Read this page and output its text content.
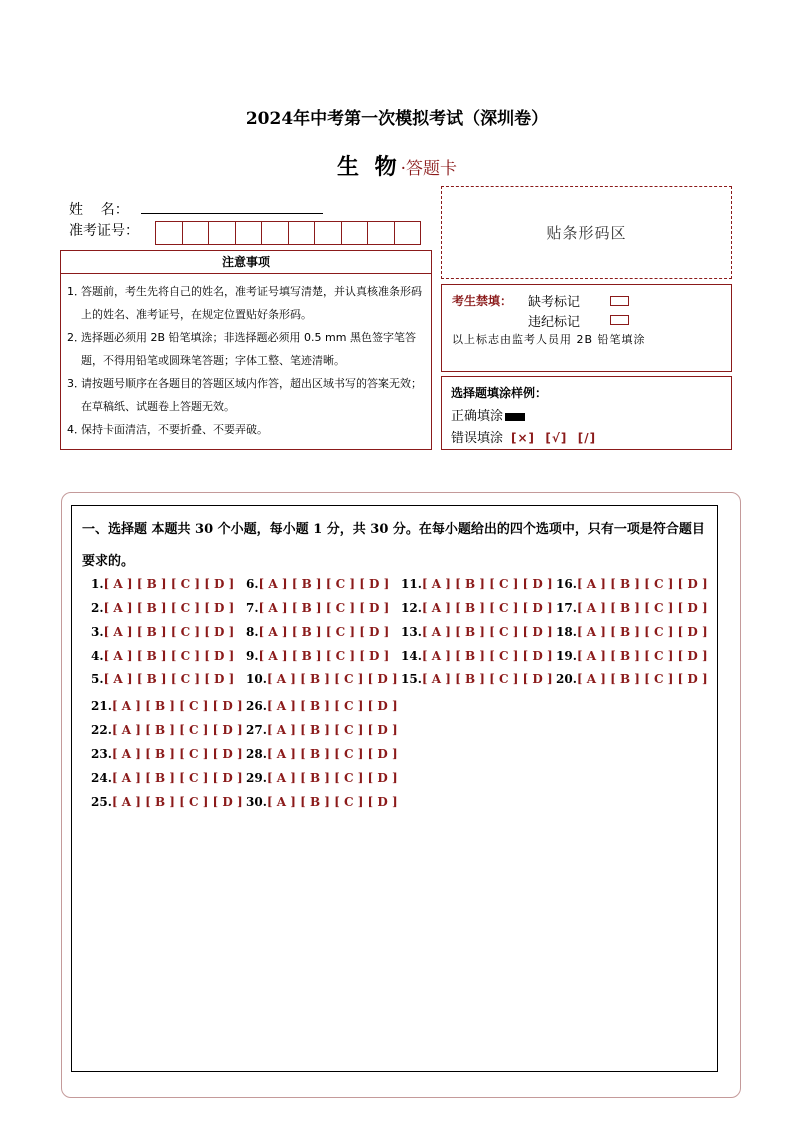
2024年中考第一次模拟考试（深圳卷）
生 物·答题卡
姓    名：
准考证号：
注意事项
1．
答题前，考生先将自己的姓名，准考证号填写清楚，并认真核准条形码上的姓名、准考证号，在规定位置贴好条形码。
2．
选择题必须用 2B 铅笔填涂；非选择题必须用 0.5 mm 黑色签字笔答题，不得用铅笔或圆珠笔答题；字体工整、笔迹清晰。
3．
请按题号顺序在各题目的答题区域内作答，超出区域书写的答案无效；在草稿纸、试题卷上答题无效。
4．
保持卡面清洁，不要折叠、不要弄破。
贴条形码区
考生禁填： 缺考标记
违纪标记
以上标志由监考人员用 2B 铅笔填涂
选择题填涂样例：
正确填涂
错误填涂 [×]  [√]  [/]
一、选择题 本题共 30 个小题，每小题 1 分，共 30 分。在每小题给出的四个选项中，只有一项是符合题目要求的。
1.[ A ] [ B ] [ C ] [ D ]
2.[ A ] [ B ] [ C ] [ D ]
3.[ A ] [ B ] [ C ] [ D ]
4.[ A ] [ B ] [ C ] [ D ]
5.[ A ] [ B ] [ C ] [ D ]
6.[ A ] [ B ] [ C ] [ D ]
7.[ A ] [ B ] [ C ] [ D ]
8.[ A ] [ B ] [ C ] [ D ]
9.[ A ] [ B ] [ C ] [ D ]
10.[ A ] [ B ] [ C ] [ D ]
11.[ A ] [ B ] [ C ] [ D ]
12.[ A ] [ B ] [ C ] [ D ]
13.[ A ] [ B ] [ C ] [ D ]
14.[ A ] [ B ] [ C ] [ D ]
15.[ A ] [ B ] [ C ] [ D ]
16.[ A ] [ B ] [ C ] [ D ]
17.[ A ] [ B ] [ C ] [ D ]
18.[ A ] [ B ] [ C ] [ D ]
19.[ A ] [ B ] [ C ] [ D ]
20.[ A ] [ B ] [ C ] [ D ]
21.[ A ] [ B ] [ C ] [ D ]
22.[ A ] [ B ] [ C ] [ D ]
23.[ A ] [ B ] [ C ] [ D ]
24.[ A ] [ B ] [ C ] [ D ]
25.[ A ] [ B ] [ C ] [ D ]
26.[ A ] [ B ] [ C ] [ D ]
27.[ A ] [ B ] [ C ] [ D ]
28.[ A ] [ B ] [ C ] [ D ]
29.[ A ] [ B ] [ C ] [ D ]
30.[ A ] [ B ] [ C ] [ D ]
